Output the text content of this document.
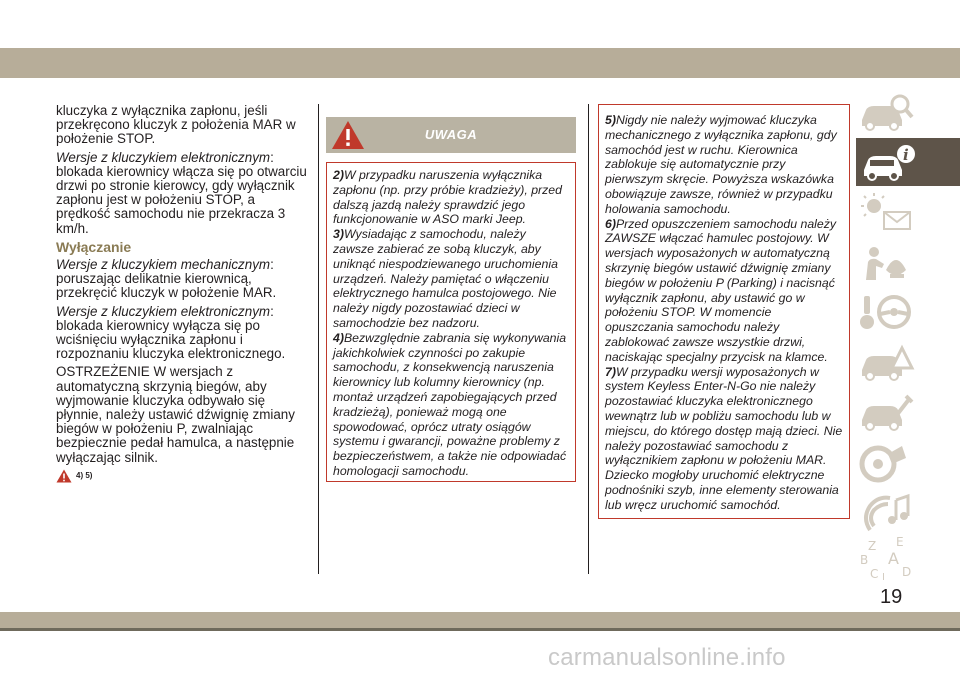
kluczyka z wyłącznika zapłonu, jeśli przekręcono kluczyk z położenia MAR w położenie STOP.

Wersje z kluczykiem elektronicznym: blokada kierownicy włącza się po otwarciu drzwi po stronie kierowcy, gdy wyłącznik zapłonu jest w położeniu STOP, a prędkość samochodu nie przekracza 3 km/h.

Wyłączanie

Wersje z kluczykiem mechanicznym: poruszając delikatnie kierownicą, przekręcić kluczyk w położenie MAR.

Wersje z kluczykiem elektronicznym: blokada kierownicy wyłącza się po wciśnięciu wyłącznika zapłonu i rozpoznaniu kluczyka elektronicznego.

OSTRZEŻENIE W wersjach z automatyczną skrzynią biegów, aby wyjmowanie kluczyka odbywało się płynnie, należy ustawić dźwignię zmiany biegów w położeniu P, zwalniając bezpiecznie pedał hamulca, a następnie wyłączając silnik.

4) 5)
UWAGA

2)W przypadku naruszenia wyłącznika zapłonu (np. przy próbie kradzieży), przed dalszą jazdą należy sprawdzić jego funkcjonowanie w ASO marki Jeep.

3)Wysiadając z samochodu, należy zawsze zabierać ze sobą kluczyk, aby uniknąć niespodziewanego uruchomienia urządzeń. Należy pamiętać o włączeniu elektrycznego hamulca postojowego. Nie należy nigdy pozostawiać dzieci w samochodzie bez nadzoru.

4)Bezwzględnie zabrania się wykonywania jakichkolwiek czynności po zakupie samochodu, z konsekwencją naruszenia kierownicy lub kolumny kierownicy (np. montaż urządzeń zapobiegających przed kradzieżą), ponieważ mogą one spowodować, oprócz utraty osiągów systemu i gwarancji, poważne problemy z bezpieczeństwem, a także nie odpowiadać homologacji samochodu.

5)Nigdy nie należy wyjmować kluczyka mechanicznego z wyłącznika zapłonu, gdy samochód jest w ruchu. Kierownica zablokuje się automatycznie przy pierwszym skręcie. Powyższa wskazówka obowiązuje zawsze, również w przypadku holowania samochodu.

6)Przed opuszczeniem samochodu należy ZAWSZE włączać hamulec postojowy. W wersjach wyposażonych w automatyczną skrzynię biegów ustawić dźwignię zmiany biegów w położeniu P (Parking) i nacisnąć wyłącznik zapłonu, aby ustawić go w położeniu STOP. W momencie opuszczania samochodu należy zablokować zawsze wszystkie drzwi, naciskając specjalny przycisk na klamce.

7)W przypadku wersji wyposażonych w system Keyless Enter-N-Go nie należy pozostawiać kluczyka elektronicznego wewnątrz lub w pobliżu samochodu lub w miejscu, do którego dostęp mają dzieci. Nie należy pozostawiać samochodu z wyłącznikiem zapłonu w położeniu MAR. Dziecko mogłoby uruchomić elektryczne podnośniki szyb, inne elementy sterowania lub wręcz uruchomić samochód.

i
Z E
B A
C D
I
19
carmanualsonline.info
